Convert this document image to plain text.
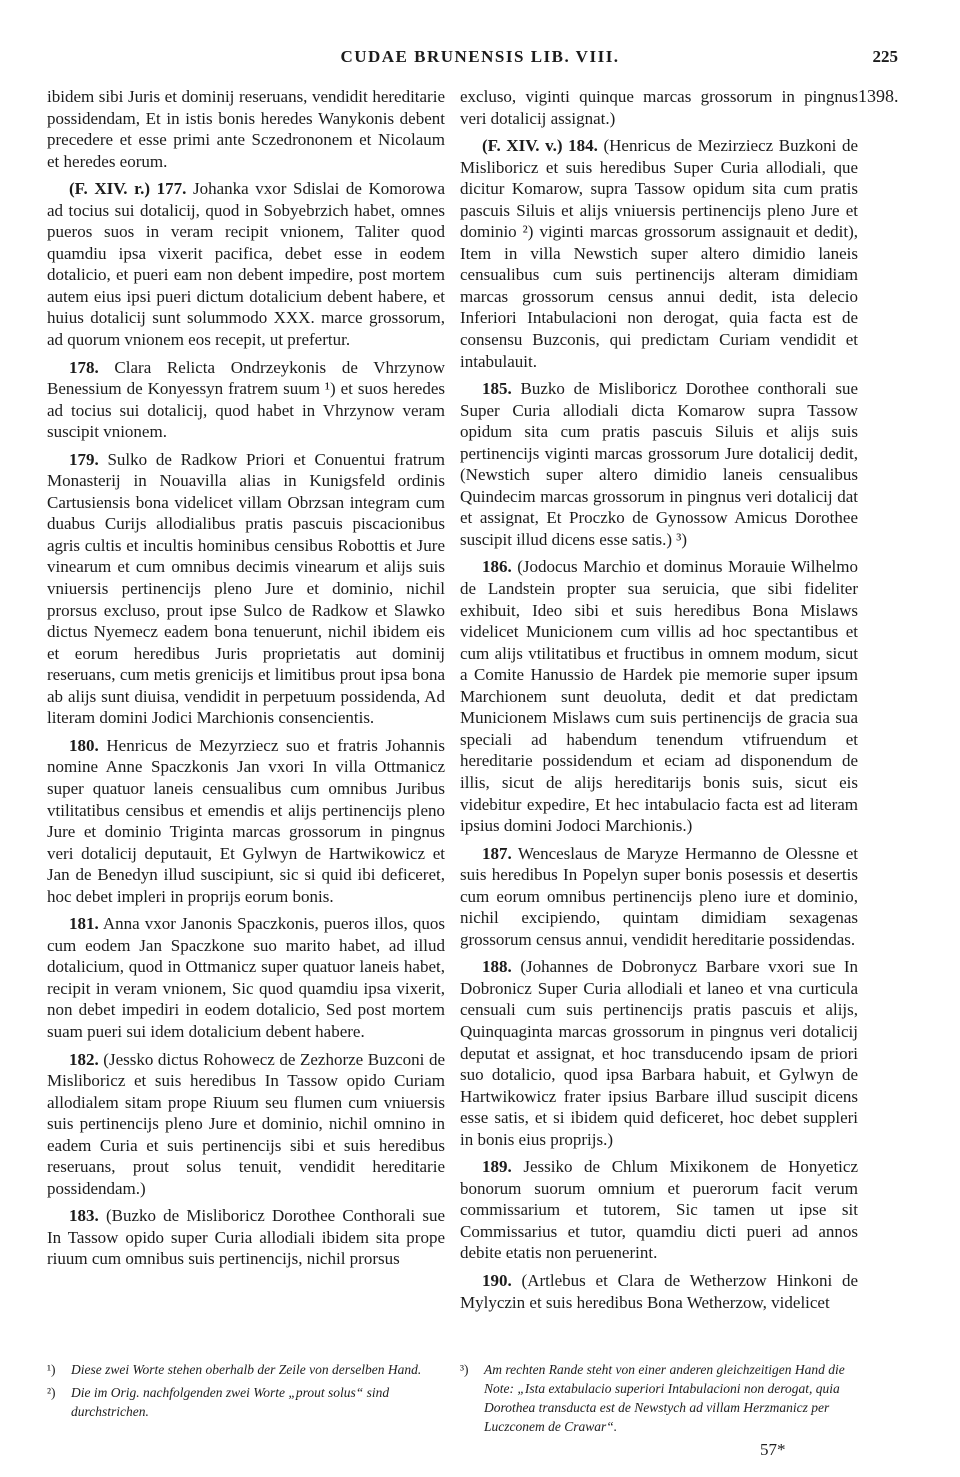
CUDAE BRUNENSIS LIB. VIII.	225
1398.

ibidem sibi Juris et dominij reseruans, vendidit hereditarie possidendam, Et in istis bonis heredes Wanykonis debent precedere et esse primi ante Sczedrononem et Nicolaum et heredes eorum.

(F. XIV. r.) 177. Johanka vxor Sdislai de Komorowa ad tocius sui dotalicij, quod in Sobyebrzich habet, omnes pueros suos in veram recipit vnionem, Taliter quod quamdiu ipsa vixerit pacifica, debet esse in eodem dotalicio, et pueri eam non debent impedire, post mortem autem eius ipsi pueri dictum dotalicium debent habere, et huius dotalicij sunt solummodo XXX. marce grossorum, ad quorum vnionem eos recepit, ut prefertur.

178. Clara Relicta Ondrzeykonis de Vhrzynow Benessium de Konyessyn fratrem suum ¹) et suos heredes ad tocius sui dotalicij, quod habet in Vhrzynow veram suscipit vnionem.

179. Sulko de Radkow Priori et Conuentui fratrum Monasterij in Nouavilla alias in Kunigsfeld ordinis Cartusiensis bona videlicet villam Obrzsan integram cum duabus Curijs allodialibus pratis pascuis piscacionibus agris cultis et incultis hominibus censibus Robottis et Jure vinearum et cum omnibus decimis vinearum et alijs suis vniuersis pertinencijs pleno Jure et dominio, nichil prorsus excluso, prout ipse Sulco de Radkow et Slawko dictus Nyemecz eadem bona tenuerunt, nichil ibidem eis et eorum heredibus Juris proprietatis aut dominij reseruans, cum metis grenicijs et limitibus prout ipsa bona ab alijs sunt diuisa, vendidit in perpetuum possidenda, Ad literam domini Jodici Marchionis consencientis.

180. Henricus de Mezyrziecz suo et fratris Johannis nomine Anne Spaczkonis Jan vxori In villa Ottmanicz super quatuor laneis censualibus cum omnibus Juribus vtilitatibus censibus et emendis et alijs pertinencijs pleno Jure et dominio Triginta marcas grossorum in pingnus veri dotalicij deputauit, Et Gylwyn de Hartwikowicz et Jan de Benedyn illud suscipiunt, sic si quid ibi deficeret, hoc debet impleri in proprijs eorum bonis.

181. Anna vxor Janonis Spaczkonis, pueros illos, quos cum eodem Jan Spaczkone suo marito habet, ad illud dotalicium, quod in Ottmanicz super quatuor laneis habet, recipit in veram vnionem, Sic quod quamdiu ipsa vixerit, non debet impediri in eodem dotalicio, Sed post mortem suam pueri sui idem dotalicium debent habere.

182. (Jessko dictus Rohowecz de Zezhorze Buzconi de Misliboricz et suis heredibus In Tassow opido Curiam allodialem sitam prope Riuum seu flumen cum vniuersis suis pertinencijs pleno Jure et dominio, nichil omnino in eadem Curia et suis pertinencijs sibi et suis heredibus reseruans, prout solus tenuit, vendidit hereditarie possidendam.)

183. (Buzko de Misliboricz Dorothee Conthorali sue In Tassow opido super Curia allodiali ibidem sita prope riuum cum omnibus suis pertinencijs, nichil prorsus

excluso, viginti quinque marcas grossorum in pingnus veri dotalicij assignat.)

(F. XIV. v.) 184. (Henricus de Mezirziecz Buzkoni de Misliboricz et suis heredibus Super Curia allodiali, que dicitur Komarow, supra Tassow opidum sita cum pratis pascuis Siluis et alijs vniuersis pertinencijs pleno Jure et dominio ²) viginti marcas grossorum assignauit et dedit), Item in villa Newstich super altero dimidio laneis censualibus cum suis pertinencijs alteram dimidiam marcas grossorum census annui dedit, ista delecio Inferiori Intabulacioni non derogat, quia facta est de consensu Buzconis, qui predictam Curiam vendidit et intabulauit.

185. Buzko de Misliboricz Dorothee conthorali sue Super Curia allodiali dicta Komarow supra Tassow opidum sita cum pratis pascuis Siluis et alijs suis pertinencijs viginti marcas grossorum Jure dotalicij dedit, (Newstich super altero dimidio laneis censualibus Quindecim marcas grossorum in pingnus veri dotalicij dat et assignat, Et Proczko de Gynossow Amicus Dorothee suscipit illud dicens esse satis.) ³)

186. (Jodocus Marchio et dominus Morauie Wilhelmo de Landstein propter sua seruicia, que sibi fideliter exhibuit, Ideo sibi et suis heredibus Bona Mislaws videlicet Municionem cum villis ad hoc spectantibus et cum alijs vtilitatibus et fructibus in omnem modum, sicut a Comite Hanussio de Hardek pie memorie super ipsum Marchionem sunt deuoluta, dedit et dat predictam Municionem Mislaws cum suis pertinencijs de gracia sua speciali ad habendum tenendum vtifruendum et hereditarie possidendum et eciam ad disponendum de illis, sicut de alijs hereditarijs bonis suis, sicut eis videbitur expedire, Et hec intabulacio facta est ad literam ipsius domini Jodoci Marchionis.)

187. Wenceslaus de Maryze Hermanno de Olessne et suis heredibus In Popelyn super bonis posessis et desertis cum eorum omnibus pertinencijs pleno iure et dominio, nichil excipiendo, quintam dimidiam sexagenas grossorum census annui, vendidit hereditarie possidendas.

188. (Johannes de Dobronycz Barbare vxori sue In Dobronicz Super Curia allodiali et laneo et vna curticula censuali cum suis pertinencijs pratis pascuis et alijs, Quinquaginta marcas grossorum in pingnus veri dotalicij deputat et assignat, et hoc transducendo ipsam de priori suo dotalicio, quod ipsa Barbara habuit, et Gylwyn de Hartwikowicz frater ipsius Barbare illud suscipit dicens esse satis, et si ibidem quid deficeret, hoc debet suppleri in bonis eius proprijs.)

189. Jessiko de Chlum Mixikonem de Honyeticz bonorum suorum omnium et puerorum facit verum commissarium et tutorem, Sic tamen ut ipse sit Commissarius et tutor, quamdiu dicti pueri ad annos debite etatis non peruenerint.

190. (Artlebus et Clara de Wetherzow Hinkoni de Mylyczin et suis heredibus Bona Wetherzow, videlicet

¹) Diese zwei Worte stehen oberhalb der Zeile von derselben Hand.

²) Die im Orig. nachfolgenden zwei Worte „prout solus“ sind durchstrichen.

³) Am rechten Rande steht von einer anderen gleichzeitigen Hand die Note: „Ista extabulacio superiori Intabulacioni non derogat, quia Dorothea transducta est de Newstych ad villam Herzmanicz per Luczconem de Crawar“.

57*
